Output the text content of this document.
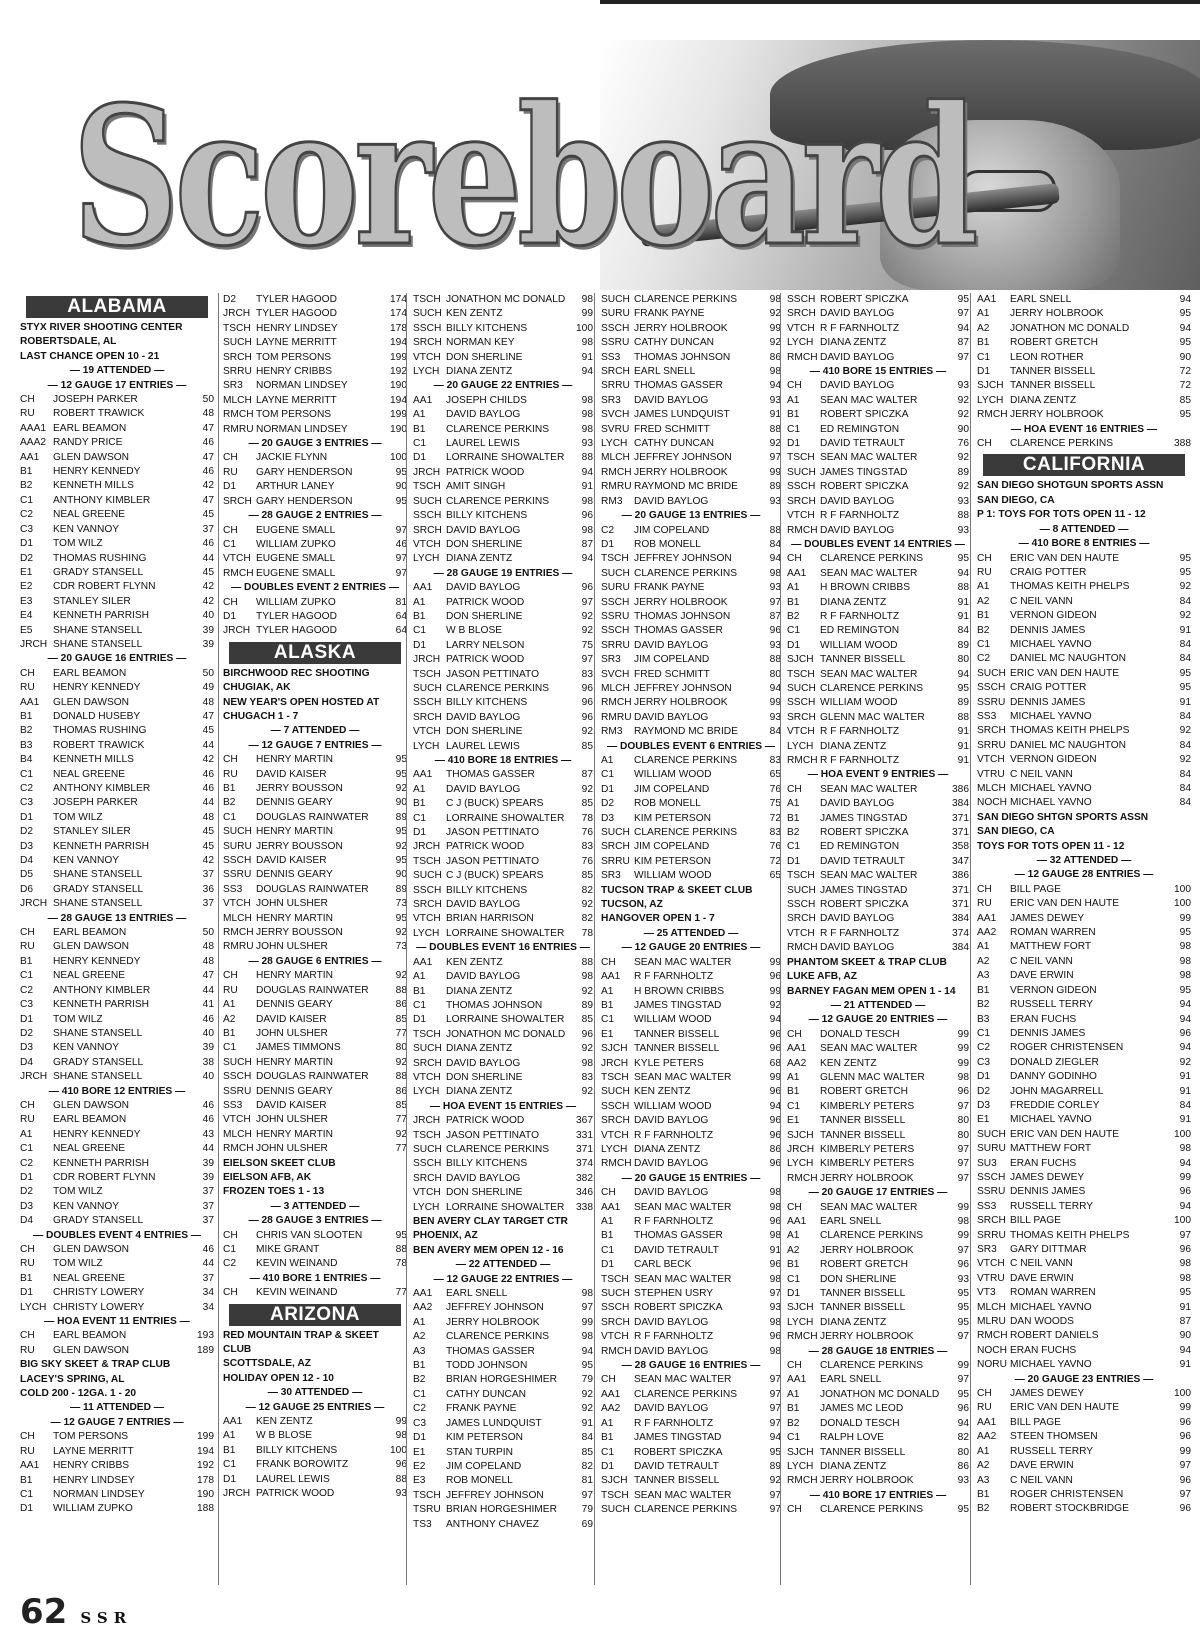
Scoreboard
ALABAMA
STYX RIVER SHOOTING CENTER
ROBERTSDALE, AL
LAST CHANCE OPEN 10 - 21
— 19 ATTENDED —
— 12 GAUGE 17 ENTRIES —
CH	JOSEPH PARKER	50
RU	ROBERT TRAWICK	48
AAA1 EARL BEAMON	47
AAA2 RANDY PRICE	46
AA1	GLEN DAWSON	47
B1	HENRY KENNEDY	46
B2	KENNETH MILLS	42
C1	ANTHONY KIMBLER	47
C2	NEAL GREENE	45
C3	KEN VANNOY	37
D1	TOM WILZ	46
D2	THOMAS RUSHING	44
E1	GRADY STANSELL	45
E2	CDR ROBERT FLYNN	42
E3	STANLEY SILER	42
E4	KENNETH PARRISH	40
E5	SHANE STANSELL	39
JRCH SHANE STANSELL	39
— 20 GAUGE 16 ENTRIES —
CH	EARL BEAMON	50
RU	HENRY KENNEDY	49
AA1	GLEN DAWSON	48
B1	DONALD HUSEBY	47
B2	THOMAS RUSHING	45
B3	ROBERT TRAWICK	44
B4	KENNETH MILLS	42
C1	NEAL GREENE	46
C2	ANTHONY KIMBLER	46
C3	JOSEPH PARKER	44
D1	TOM WILZ	48
D2	STANLEY SILER	45
D3	KENNETH PARRISH	45
D4	KEN VANNOY	42
D5	SHANE STANSELL	37
D6	GRADY STANSELL	36
JRCH SHANE STANSELL	37
— 28 GAUGE 13 ENTRIES —
CH	EARL BEAMON	50
RU	GLEN DAWSON	48
B1	HENRY KENNEDY	48
C1	NEAL GREENE	47
C2	ANTHONY KIMBLER	44
C3	KENNETH PARRISH	41
D1	TOM WILZ	46
D2	SHANE STANSELL	40
D3	KEN VANNOY	39
D4	GRADY STANSELL	38
JRCH SHANE STANSELL	40
— 410 BORE 12 ENTRIES —
CH	GLEN DAWSON	46
RU	EARL BEAMON	46
A1	HENRY KENNEDY	43
C1	NEAL GREENE	44
C2	KENNETH PARRISH	39
D1	CDR ROBERT FLYNN	39
D2	TOM WILZ	37
D3	KEN VANNOY	37
D4	GRADY STANSELL	37
— DOUBLES EVENT 4 ENTRIES —
CH	GLEN DAWSON	46
RU	TOM WILZ	44
B1	NEAL GREENE	37
D1	CHRISTY LOWERY	34
LYCH CHRISTY LOWERY	34
— HOA EVENT 11 ENTRIES —
CH	EARL BEAMON	193
RU	GLEN DAWSON	189
BIG SKY SKEET & TRAP CLUB
LACEY'S SPRING, AL
COLD 200 - 12GA. 1 - 20
— 11 ATTENDED —
— 12 GAUGE 7 ENTRIES —
CH	TOM PERSONS	199
RU	LAYNE MERRITT	194
AA1	HENRY CRIBBS	192
B1	HENRY LINDSEY	178
C1	NORMAN LINDSEY	190
D1	WILLIAM ZUPKO	188
D2	TYLER HAGOOD	174
JRCH TYLER HAGOOD	174
TSCH HENRY LINDSEY	178
SUCH LAYNE MERRITT	194
SRCH TOM PERSONS	199
SRRU HENRY CRIBBS	192
SR3	NORMAN LINDSEY	190
MLCH LAYNE MERRITT	194
RMCH TOM PERSONS	199
RMRU NORMAN LINDSEY	190
— 20 GAUGE 3 ENTRIES —
CH	JACKIE FLYNN	100
RU	GARY HENDERSON	95
D1	ARTHUR LANEY	90
SRCH GARY HENDERSON	95
— 28 GAUGE 2 ENTRIES —
CH	EUGENE SMALL	97
C1	WILLIAM ZUPKO	46
VTCH EUGENE SMALL	97
RMCH EUGENE SMALL	97
— DOUBLES EVENT 2 ENTRIES —
CH	WILLIAM ZUPKO	81
D1	TYLER HAGOOD	64
JRCH TYLER HAGOOD	64
ALASKA
BIRCHWOOD REC SHOOTING
CHUGIAK, AK
NEW YEAR'S OPEN HOSTED AT
CHUGACH 1 - 7
— 7 ATTENDED —
— 12 GAUGE 7 ENTRIES —
CH	HENRY MARTIN	95
RU	DAVID KAISER	95
B1	JERRY BOUSSON	92
B2	DENNIS GEARY	90
C1	DOUGLAS RAINWATER	89
SUCH HENRY MARTIN	95
SURU JERRY BOUSSON	92
SSCH DAVID KAISER	95
SSRU DENNIS GEARY	90
SS3	DOUGLAS RAINWATER	89
VTCH JOHN ULSHER	73
MLCH HENRY MARTIN	95
RMCH JERRY BOUSSON	92
RMRU JOHN ULSHER	73
— 28 GAUGE 6 ENTRIES —
CH	HENRY MARTIN	92
RU	DOUGLAS RAINWATER	88
A1	DENNIS GEARY	86
A2	DAVID KAISER	85
B1	JOHN ULSHER	77
C1	JAMES TIMMONS	80
SUCH HENRY MARTIN	92
SSCH DOUGLAS RAINWATER	88
SSRU DENNIS GEARY	86
SS3	DAVID KAISER	85
VTCH JOHN ULSHER	77
MLCH HENRY MARTIN	92
RMCH JOHN ULSHER	77
EIELSON SKEET CLUB
EIELSON AFB, AK
FROZEN TOES 1 - 13
— 3 ATTENDED —
— 28 GAUGE 3 ENTRIES —
CH	CHRIS VAN SLOOTEN	95
C1	MIKE GRANT	88
C2	KEVIN WEINAND	78
— 410 BORE 1 ENTRIES —
CH	KEVIN WEINAND	77
ARIZONA
RED MOUNTAIN TRAP & SKEET
CLUB
SCOTTSDALE, AZ
HOLIDAY OPEN 12 - 10
— 30 ATTENDED —
— 12 GAUGE 25 ENTRIES —
AA1	KEN ZENTZ	99
A1	W B BLOSE	98
B1	BILLY KITCHENS	100
C1	FRANK BOROWITZ	96
D1	LAUREL LEWIS	88
JRCH PATRICK WOOD	93
TSCH JONATHON MC DONALD	98
SUCH KEN ZENTZ	99
SSCH BILLY KITCHENS	100
SRCH NORMAN KEY	98
VTCH DON SHERLINE	91
LYCH DIANA ZENTZ	94
— 20 GAUGE 22 ENTRIES —
AA1	JOSEPH CHILDS	98
A1	DAVID BAYLOG	98
B1	CLARENCE PERKINS	98
C1	LAUREL LEWIS	93
D1	LORRAINE SHOWALTER	88
JRCH PATRICK WOOD	94
TSCH AMIT SINGH	91
SUCH CLARENCE PERKINS	98
SSCH BILLY KITCHENS	96
SRCH DAVID BAYLOG	98
VTCH DON SHERLINE	87
LYCH DIANA ZENTZ	94
— 28 GAUGE 19 ENTRIES —
AA1	DAVID BAYLOG	96
A1	PATRICK WOOD	97
B1	DON SHERLINE	92
C1	W B BLOSE	92
D1	LARRY NELSON	75
JRCH PATRICK WOOD	97
TSCH JASON PETTINATO	83
SUCH CLARENCE PERKINS	96
SSCH BILLY KITCHENS	96
SRCH DAVID BAYLOG	96
VTCH DON SHERLINE	92
LYCH LAUREL LEWIS	85
— 410 BORE 18 ENTRIES —
AA1	THOMAS GASSER	87
A1	DAVID BAYLOG	92
B1	C J (BUCK) SPEARS	85
C1	LORRAINE SHOWALTER	78
D1	JASON PETTINATO	76
JRCH PATRICK WOOD	83
TSCH JASON PETTINATO	76
SUCH C J (BUCK) SPEARS	85
SSCH BILLY KITCHENS	82
SRCH DAVID BAYLOG	92
VTCH BRIAN HARRISON	82
LYCH LORRAINE SHOWALTER	78
— DOUBLES EVENT 16 ENTRIES —
AA1	KEN ZENTZ	88
A1	DAVID BAYLOG	98
B1	DIANA ZENTZ	92
C1	THOMAS JOHNSON	89
D1	LORRAINE SHOWALTER	85
TSCH JONATHON MC DONALD	96
SUCH DIANA ZENTZ	92
SRCH DAVID BAYLOG	98
VTCH DON SHERLINE	83
LYCH DIANA ZENTZ	92
— HOA EVENT 15 ENTRIES —
JRCH PATRICK WOOD	367
TSCH JASON PETTINATO	331
SUCH CLARENCE PERKINS	371
SSCH BILLY KITCHENS	374
SRCH DAVID BAYLOG	382
VTCH DON SHERLINE	346
LYCH LORRAINE SHOWALTER	338
BEN AVERY CLAY TARGET CTR
PHOENIX, AZ
BEN AVERY MEM OPEN 12 - 16
— 22 ATTENDED —
— 12 GAUGE 22 ENTRIES —
AA1	EARL SNELL	98
AA2	JEFFREY JOHNSON	97
A1	JERRY HOLBROOK	99
A2	CLARENCE PERKINS	98
A3	THOMAS GASSER	94
B1	TODD JOHNSON	95
B2	BRIAN HORGESHIMER	79
C1	CATHY DUNCAN	92
C2	FRANK PAYNE	92
C3	JAMES LUNDQUIST	91
D1	KIM PETERSON	84
E1	STAN TURPIN	85
E2	JIM COPELAND	82
E3	ROB MONELL	81
TSCH JEFFREY JOHNSON	97
TSRU BRIAN HORGESHIMER	79
TS3	ANTHONY CHAVEZ	69
SUCH CLARENCE PERKINS	98
SURU FRANK PAYNE	92
SSCH JERRY HOLBROOK	99
SSRU CATHY DUNCAN	92
SS3	THOMAS JOHNSON	86
SRCH EARL SNELL	98
SRRU THOMAS GASSER	94
SR3	DAVID BAYLOG	93
SVCH JAMES LUNDQUIST	91
SVRU FRED SCHMITT	88
LYCH CATHY DUNCAN	92
MLCH JEFFREY JOHNSON	97
RMCH JERRY HOLBROOK	99
RMRU RAYMOND MC BRIDE	89
RM3	DAVID BAYLOG	93
— 20 GAUGE 13 ENTRIES —
C2	JIM COPELAND	88
D1	ROB MONELL	84
TSCH JEFFREY JOHNSON	94
SUCH CLARENCE PERKINS	98
SURU FRANK PAYNE	93
SSCH JERRY HOLBROOK	97
SSRU THOMAS JOHNSON	87
SSCH THOMAS GASSER	96
SRRU DAVID BAYLOG	93
SR3	JIM COPELAND	88
SVCH FRED SCHMITT	80
MLCH JEFFREY JOHNSON	94
RMCH JERRY HOLBROOK	99
RMRU DAVID BAYLOG	93
RM3	RAYMOND MC BRIDE	84
— DOUBLES EVENT 6 ENTRIES —
A1	CLARENCE PERKINS	83
C1	WILLIAM WOOD	65
D1	JIM COPELAND	76
D2	ROB MONELL	75
D3	KIM PETERSON	72
SUCH CLARENCE PERKINS	83
SRCH JIM COPELAND	76
SRRU KIM PETERSON	72
SR3	WILLIAM WOOD	65
TUCSON TRAP & SKEET CLUB
TUCSON, AZ
HANGOVER OPEN 1 - 7
— 25 ATTENDED —
— 12 GAUGE 20 ENTRIES —
CH	SEAN MAC WALTER	99
AA1	R F FARNHOLTZ	96
A1	H BROWN CRIBBS	99
B1	JAMES TINGSTAD	92
C1	WILLIAM WOOD	94
E1	TANNER BISSELL	96
SJCH TANNER BISSELL	96
JRCH KYLE PETERS	68
TSCH SEAN MAC WALTER	99
SUCH KEN ZENTZ	96
SSCH WILLIAM WOOD	94
SRCH DAVID BAYLOG	96
VTCH R F FARNHOLTZ	96
LYCH DIANA ZENTZ	86
RMCH DAVID BAYLOG	96
— 20 GAUGE 15 ENTRIES —
CH	DAVID BAYLOG	98
AA1	SEAN MAC WALTER	98
A1	R F FARNHOLTZ	96
B1	THOMAS GASSER	98
C1	DAVID TETRAULT	91
D1	CARL BECK	96
TSCH SEAN MAC WALTER	98
SUCH STEPHEN USRY	97
SSCH ROBERT SPICZKA	93
SRCH DAVID BAYLOG	98
VTCH R F FARNHOLTZ	96
RMCH DAVID BAYLOG	98
— 28 GAUGE 16 ENTRIES —
CH	SEAN MAC WALTER	97
AA1	CLARENCE PERKINS	97
AA2	DAVID BAYLOG	97
A1	R F FARNHOLTZ	97
B1	JAMES TINGSTAD	94
C1	ROBERT SPICZKA	95
D1	DAVID TETRAULT	89
SJCH TANNER BISSELL	92
TSCH SEAN MAC WALTER	97
SUCH CLARENCE PERKINS	97
SSCH ROBERT SPICZKA	95
SRCH DAVID BAYLOG	97
VTCH R F FARNHOLTZ	94
LYCH DIANA ZENTZ	87
RMCH DAVID BAYLOG	97
— 410 BORE 15 ENTRIES —
CH	DAVID BAYLOG	93
A1	SEAN MAC WALTER	92
B1	ROBERT SPICZKA	92
C1	ED REMINGTON	90
D1	DAVID TETRAULT	76
TSCH SEAN MAC WALTER	92
SUCH JAMES TINGSTAD	89
SSCH ROBERT SPICZKA	92
SRCH DAVID BAYLOG	93
VTCH R F FARNHOLTZ	88
RMCH DAVID BAYLOG	93
— DOUBLES EVENT 14 ENTRIES —
CH	CLARENCE PERKINS	95
AA1	SEAN MAC WALTER	94
A1	H BROWN CRIBBS	88
B1	DIANA ZENTZ	91
B2	R F FARNHOLTZ	91
C1	ED REMINGTON	84
D1	WILLIAM WOOD	89
SJCH TANNER BISSELL	80
TSCH SEAN MAC WALTER	94
SUCH CLARENCE PERKINS	95
SSCH WILLIAM WOOD	89
SRCH GLENN MAC WALTER	88
VTCH R F FARNHOLTZ	91
LYCH DIANA ZENTZ	91
RMCH R F FARNHOLTZ	91
— HOA EVENT 9 ENTRIES —
CH	SEAN MAC WALTER	386
A1	DAVID BAYLOG	384
B1	JAMES TINGSTAD	371
B2	ROBERT SPICZKA	371
C1	ED REMINGTON	358
D1	DAVID TETRAULT	347
TSCH SEAN MAC WALTER	386
SUCH JAMES TINGSTAD	371
SSCH ROBERT SPICZKA	371
SRCH DAVID BAYLOG	384
VTCH R F FARNHOLTZ	374
RMCH DAVID BAYLOG	384
PHANTOM SKEET & TRAP CLUB
LUKE AFB, AZ
BARNEY FAGAN MEM OPEN 1 - 14
— 21 ATTENDED —
— 12 GAUGE 20 ENTRIES —
CH	DONALD TESCH	99
AA1	SEAN MAC WALTER	99
AA2	KEN ZENTZ	99
A1	GLENN MAC WALTER	98
B1	ROBERT GRETCH	96
C1	KIMBERLY PETERS	97
E1	TANNER BISSELL	80
SJCH TANNER BISSELL	80
JRCH KIMBERLY PETERS	97
LYCH KIMBERLY PETERS	97
RMCH JERRY HOLBROOK	97
— 20 GAUGE 17 ENTRIES —
CH	SEAN MAC WALTER	99
AA1	EARL SNELL	98
A1	CLARENCE PERKINS	99
A2	JERRY HOLBROOK	97
B1	ROBERT GRETCH	96
C1	DON SHERLINE	93
D1	TANNER BISSELL	95
SJCH TANNER BISSELL	95
LYCH DIANA ZENTZ	95
RMCH JERRY HOLBROOK	97
— 28 GAUGE 18 ENTRIES —
CH	CLARENCE PERKINS	99
AA1	EARL SNELL	97
A1	JONATHON MC DONALD	95
B1	JAMES MC LEOD	96
B2	DONALD TESCH	94
C1	RALPH LOVE	82
SJCH TANNER BISSELL	80
LYCH DIANA ZENTZ	86
RMCH JERRY HOLBROOK	93
— 410 BORE 17 ENTRIES —
CH	CLARENCE PERKINS	95
AA1	EARL SNELL	94
A1	JERRY HOLBROOK	95
A2	JONATHON MC DONALD	94
B1	ROBERT GRETCH	95
C1	LEON ROTHER	90
D1	TANNER BISSELL	72
SJCH TANNER BISSELL	72
LYCH DIANA ZENTZ	85
RMCH JERRY HOLBROOK	95
— HOA EVENT 16 ENTRIES —
CH	CLARENCE PERKINS	388
CALIFORNIA
SAN DIEGO SHOTGUN SPORTS ASSN
SAN DIEGO, CA
P 1: TOYS FOR TOTS OPEN 11 - 12
— 8 ATTENDED —
— 410 BORE 8 ENTRIES —
CH	ERIC VAN DEN HAUTE	95
RU	CRAIG POTTER	95
A1	THOMAS KEITH PHELPS	92
A2	C NEIL VANN	84
B1	VERNON GIDEON	92
B2	DENNIS JAMES	91
C1	MICHAEL YAVNO	84
C2	DANIEL MC NAUGHTON	84
SUCH ERIC VAN DEN HAUTE	95
SSCH CRAIG POTTER	95
SSRU DENNIS JAMES	91
SS3	MICHAEL YAVNO	84
SRCH THOMAS KEITH PHELPS	92
SRRU DANIEL MC NAUGHTON	84
VTCH VERNON GIDEON	92
VTRU C NEIL VANN	84
MLCH MICHAEL YAVNO	84
NOCH MICHAEL YAVNO	84
SAN DIEGO SHTGN SPORTS ASSN
SAN DIEGO, CA
TOYS FOR TOTS OPEN 11 - 12
— 32 ATTENDED —
— 12 GAUGE 28 ENTRIES —
CH	BILL PAGE	100
RU	ERIC VAN DEN HAUTE	100
AA1	JAMES DEWEY	99
AA2	ROMAN WARREN	95
A1	MATTHEW FORT	98
A2	C NEIL VANN	98
A3	DAVE ERWIN	98
B1	VERNON GIDEON	95
B2	RUSSELL TERRY	94
B3	ERAN FUCHS	94
C1	DENNIS JAMES	96
C2	ROGER CHRISTENSEN	94
C3	DONALD ZIEGLER	92
D1	DANNY GODINHO	91
D2	JOHN MAGARRELL	91
D3	FREDDIE CORLEY	84
E1	MICHAEL YAVNO	91
SUCH ERIC VAN DEN HAUTE	100
SURU MATTHEW FORT	98
SU3	ERAN FUCHS	94
SSCH JAMES DEWEY	99
SSRU DENNIS JAMES	96
SS3	RUSSELL TERRY	94
SRCH BILL PAGE	100
SRRU THOMAS KEITH PHELPS	97
SR3	GARY DITTMAR	96
VTCH C NEIL VANN	98
VTRU DAVE ERWIN	98
VT3	ROMAN WARREN	95
MLCH MICHAEL YAVNO	91
MLRU DAN WOODS	87
RMCH ROBERT DANIELS	90
NOCH ERAN FUCHS	94
NORU MICHAEL YAVNO	91
— 20 GAUGE 23 ENTRIES —
CH	JAMES DEWEY	100
RU	ERIC VAN DEN HAUTE	99
AA1	BILL PAGE	96
AA2	STEEN THOMSEN	96
A1	RUSSELL TERRY	99
A2	DAVE ERWIN	97
A3	C NEIL VANN	96
B1	ROGER CHRISTENSEN	97
B2	ROBERT STOCKBRIDGE	96
62 SSR
